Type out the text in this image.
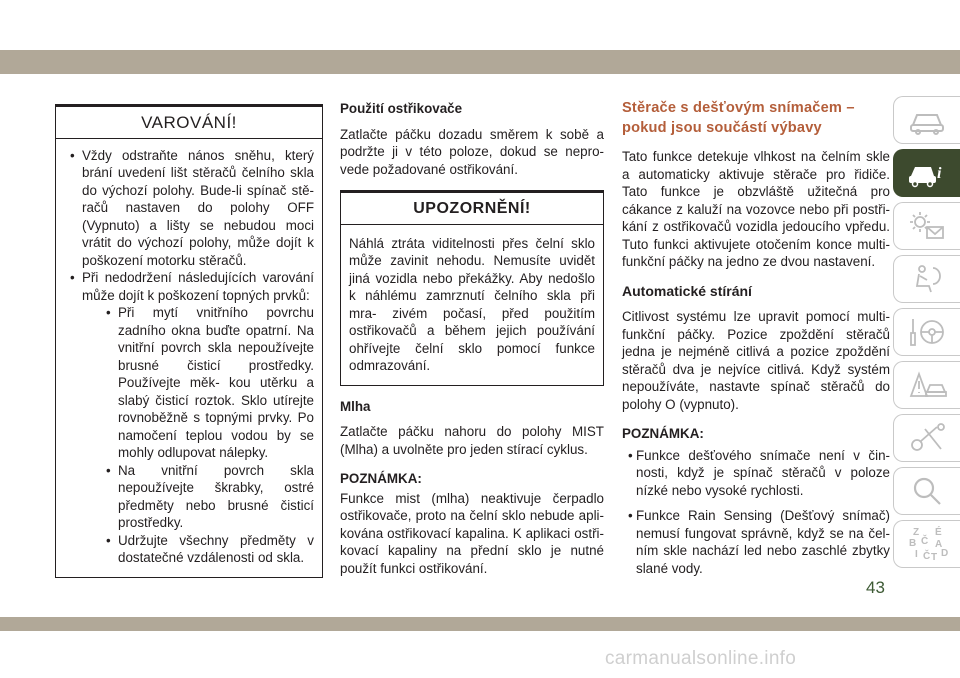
VAROVÁNÍ!
• Vždy odstraňte nános sněhu, který brání uvedení lišt stěračů čelního skla do výchozí polohy. Bude-li spínač stě- račů nastaven do polohy OFF (Vypnuto) a lišty se nebudou moci vrátit do výchozí polohy, může dojít k poškození motorku stěračů.
• Při nedodržení následujících varování může dojít k poškození topných prvků:
• Při mytí vnitřního povrchu zadního okna buďte opatrní. Na vnitřní povrch skla nepoužívejte brusné čisticí prostředky. Používejte měk- kou utěrku a slabý čisticí roztok. Sklo utírejte rovnoběžně s topnými prvky. Po namočení teplou vodou by se mohly odlupovat nálepky.
• Na vnitřní povrch skla nepoužívejte škrabky, ostré předměty nebo brusné čisticí prostředky.
• Udržujte všechny předměty v dostatečné vzdálenosti od skla.
Použití ostřikovače

Zatlačte páčku dozadu směrem k sobě a podržte ji v této poloze, dokud se nepro- vede požadované ostřikování.

UPOZORNĚNÍ!
Náhlá ztráta viditelnosti přes čelní sklo může zavinit nehodu. Nemusíte uvidět jiná vozidla nebo překážky. Aby nedošlo k náhlému zamrznutí čelního skla při mra- zivém počasí, před použitím ostřikovačů a během jejich používání ohřívejte čelní sklo pomocí funkce odmrazování.
Mlha

Zatlačte páčku nahoru do polohy MIST (Mlha) a uvolněte pro jeden stírací cyklus.

POZNÁMKA:

Funkce mist (mlha) neaktivuje čerpadlo ostřikovače, proto na čelní sklo nebude apli- kována ostřikovací kapalina. K aplikaci ostři- kovací kapaliny na přední sklo je nutné použít funkci ostřikování.

Stěrače s dešťovým snímačem – pokud jsou součástí výbavy

Tato funkce detekuje vlhkost na čelním skle a automaticky aktivuje stěrače pro řidiče. Tato funkce je obzvláště užitečná pro cákance z kaluží na vozovce nebo při postři- kání z ostřikovačů vozidla jedoucího vpředu. Tuto funkci aktivujete otočením konce multi- funkční páčky na jedno ze dvou nastavení.

Automatické stírání

Citlivost systému lze upravit pomocí multi- funkční páčky. Pozice zpoždění stěračů jedna je nejméně citlivá a pozice zpoždění stěračů dva je nejvíce citlivá. Když systém nepoužíváte, nastavte spínač stěračů do polohy O (vypnuto).

POZNÁMKA:
• Funkce dešťového snímače není v čin- nosti, když je spínač stěračů v poloze nízké nebo vysoké rychlosti.
• Funkce Rain Sensing (Dešťový snímač) nemusí fungovat správně, když se na čel- ním skle nachází led nebo zaschlé zbytky slané vody.
i
Z É
B Č A
D
I Č T
43
carmanualsonline.info
